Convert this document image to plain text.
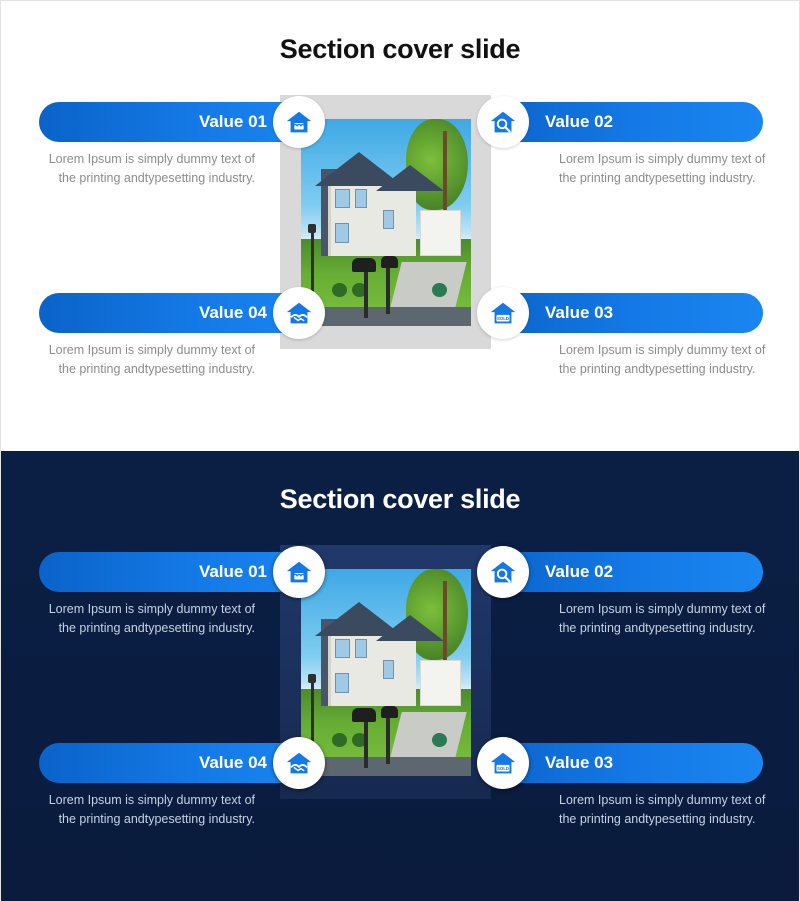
Section cover slide
Value 01
Lorem Ipsum is simply dummy text of the printing andtypesetting industry.
Value 02
Lorem Ipsum is simply dummy text of the printing andtypesetting industry.
Value 04
Lorem Ipsum is simply dummy text of the printing andtypesetting industry.
Value 03
SOLD
Lorem Ipsum is simply dummy text of the printing andtypesetting industry.
Section cover slide
Value 01
Lorem Ipsum is simply dummy text of the printing andtypesetting industry.
Value 02
Lorem Ipsum is simply dummy text of the printing andtypesetting industry.
Value 04
Lorem Ipsum is simply dummy text of the printing andtypesetting industry.
Value 03
SOLD
Lorem Ipsum is simply dummy text of the printing andtypesetting industry.
